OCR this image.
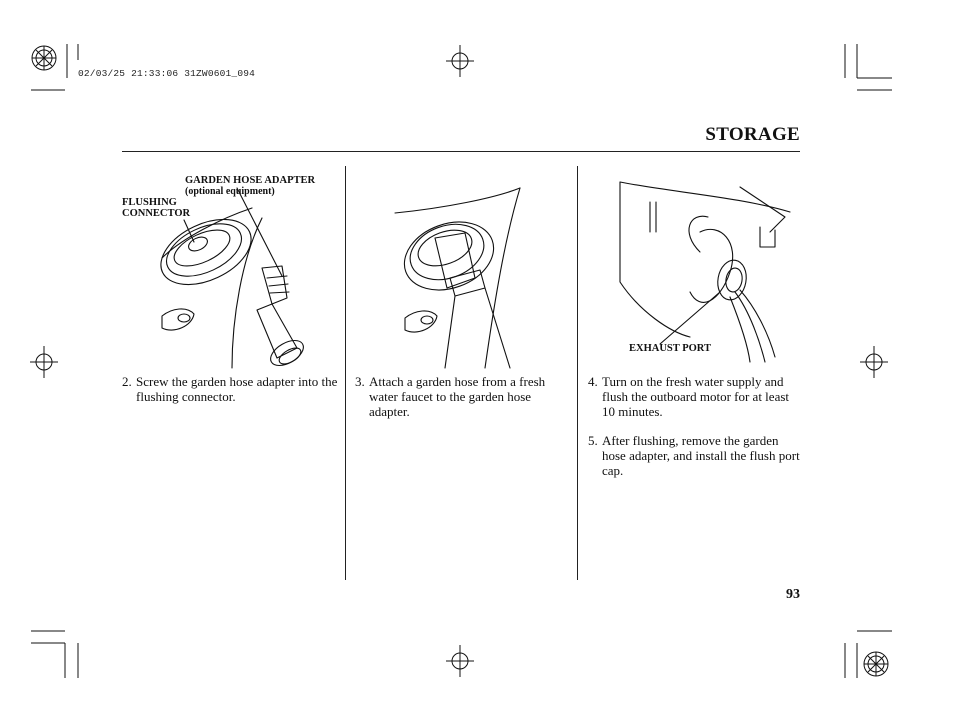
02/03/25 21:33:06 31ZW0601_094
STORAGE
GARDEN HOSE ADAPTER
(optional equipment)
FLUSHING
CONNECTOR
EXHAUST PORT
2. Screw the garden hose adapter into the flushing connector.
3. Attach a garden hose from a fresh water faucet to the garden hose adapter.
4. Turn on the fresh water supply and flush the outboard motor for at least 10 minutes.
5. After flushing, remove the garden hose adapter, and install the flush port cap.
93
